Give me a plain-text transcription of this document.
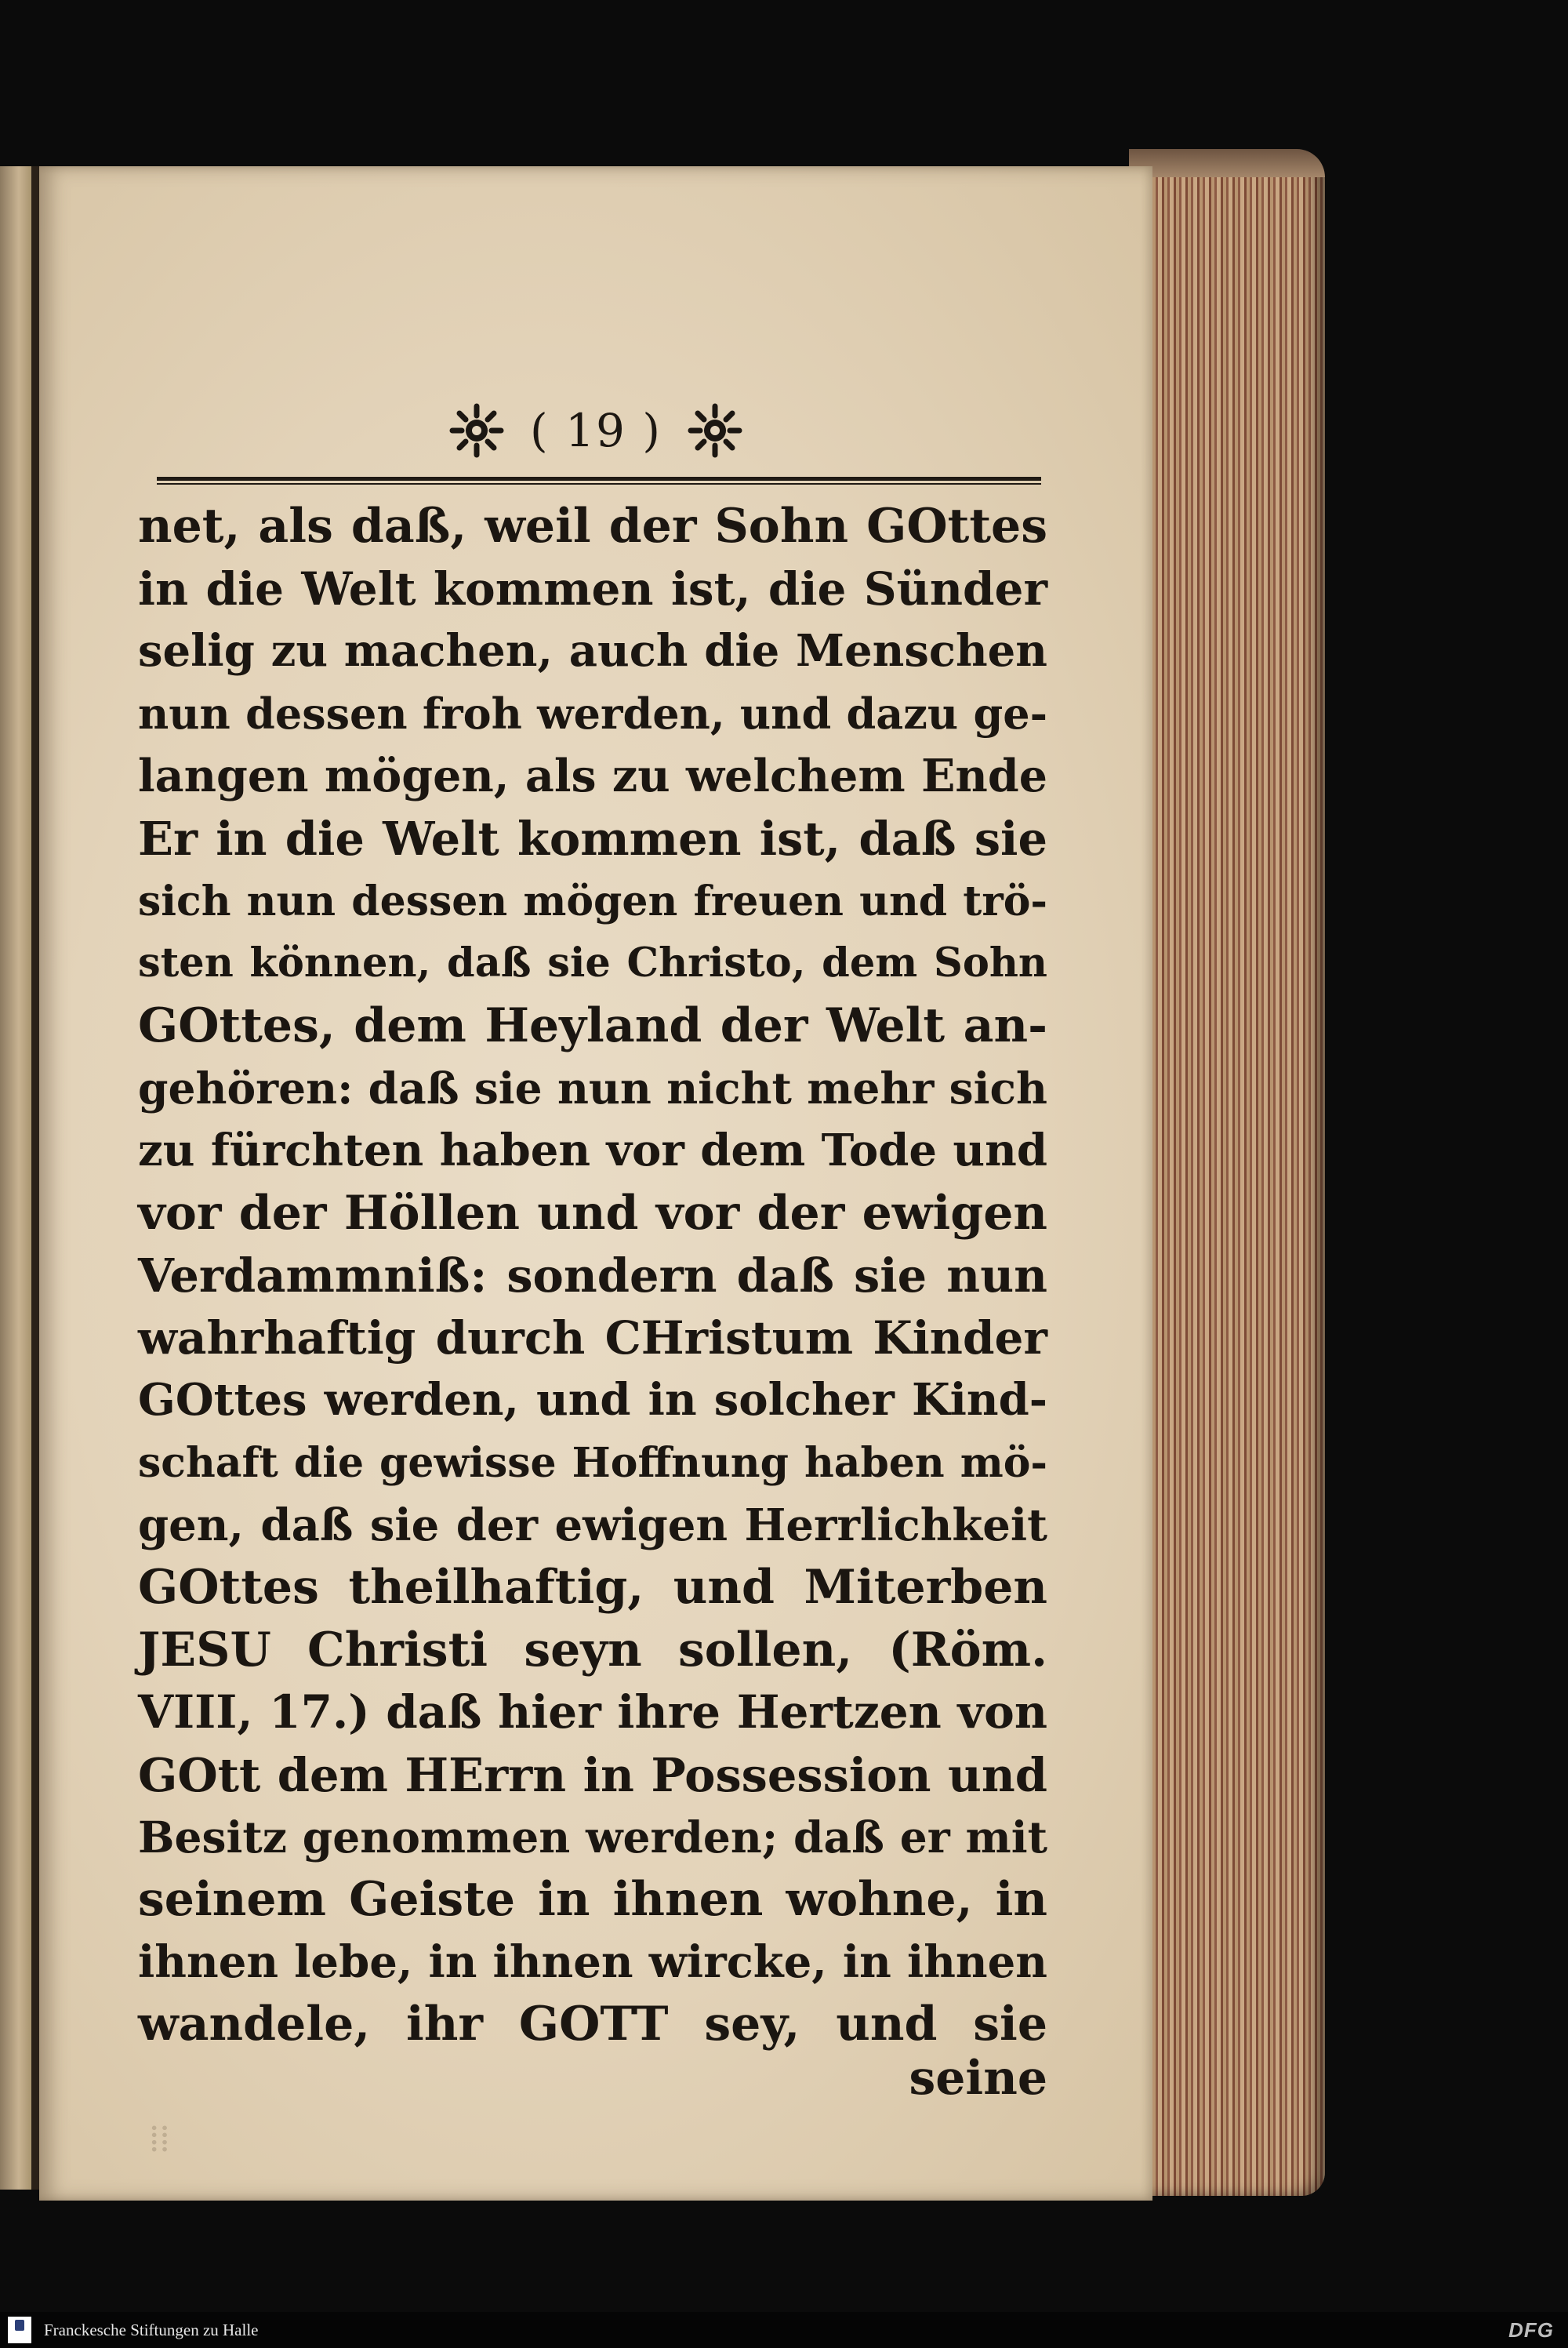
( 19 )
net, als daß, weil der Sohn GOttes
in die Welt kommen ist, die Sünder
selig zu machen, auch die Menschen
nun dessen froh werden, und dazu ge-
langen mögen, als zu welchem Ende
Er in die Welt kommen ist, daß sie
sich nun dessen mögen freuen und trö-
sten können, daß sie Christo, dem Sohn
GOttes, dem Heyland der Welt an-
gehören: daß sie nun nicht mehr sich
zu fürchten haben vor dem Tode und
vor der Höllen und vor der ewigen
Verdammniß: sondern daß sie nun
wahrhaftig durch CHristum Kinder
GOttes werden, und in solcher Kind-
schaft die gewisse Hoffnung haben mö-
gen, daß sie der ewigen Herrlichkeit
GOttes theilhaftig, und Miterben
JESU Christi seyn sollen, (Röm.
VIII, 17.) daß hier ihre Hertzen von
GOtt dem HErrn in Possession und
Besitz genommen werden; daß er mit
seinem Geiste in ihnen wohne, in
ihnen lebe, in ihnen wircke, in ihnen
wandele, ihr GOTT sey, und sie
seine
⁞⁞
Franckesche Stiftungen zu Halle	DFG
